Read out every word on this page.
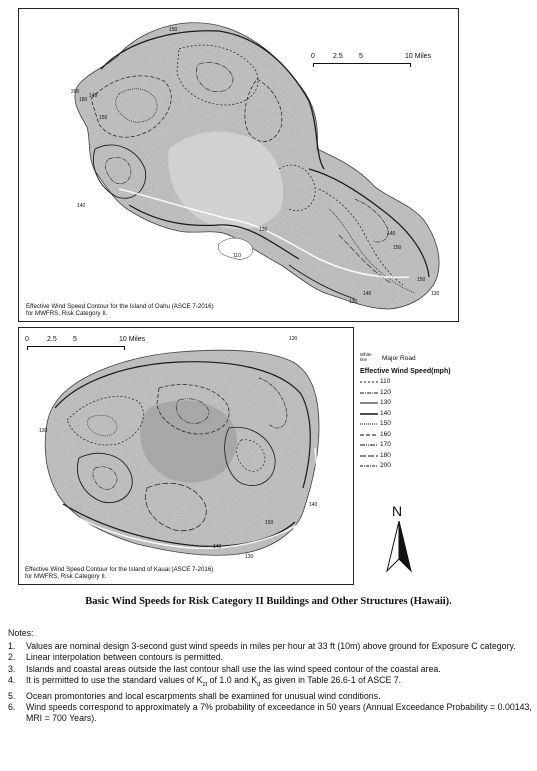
150
200
180
140
150
140
130
110
140
150
130
140
150
130
0	2.5 5	10 Miles
Effective Wind Speed Contour for the Island of Oahu (ASCE 7-2016)
for MWFRS, Risk Category II.
130
130
140
150
140
130
0	2.5 5	10 Miles
Effective Wind Speed Contour for the Island of Kauai (ASCE 7-2016)
for MWFRS, Risk Category II.
White
line	Major Road
Effective Wind Speed(mph)
110
120
130
140
150
160
170
180
200
N
Basic Wind Speeds for Risk Category II Buildings and Other Structures (Hawaii).
Notes:
1. Values are nominal design 3-second gust wind speeds in miles per hour at 33 ft (10m) above ground for Exposure C category.
2. Linear interpolation between contours is permitted.
3. Islands and coastal areas outside the last contour shall use the las wind speed contour of the coastal area.
4. It is permitted to use the standard values of $K_{zt}$ of 1.0 and $K_d$ as given in Table 26.6-1 of ASCE 7.
5. Ocean promontories and local escarpments shall be examined for unusual wind conditions.
6. Wind speeds correspond to approximately a 7% probability of exceedance in 50 years (Annual Exceedance Probability = 0.00143, MRI = 700 Years).
